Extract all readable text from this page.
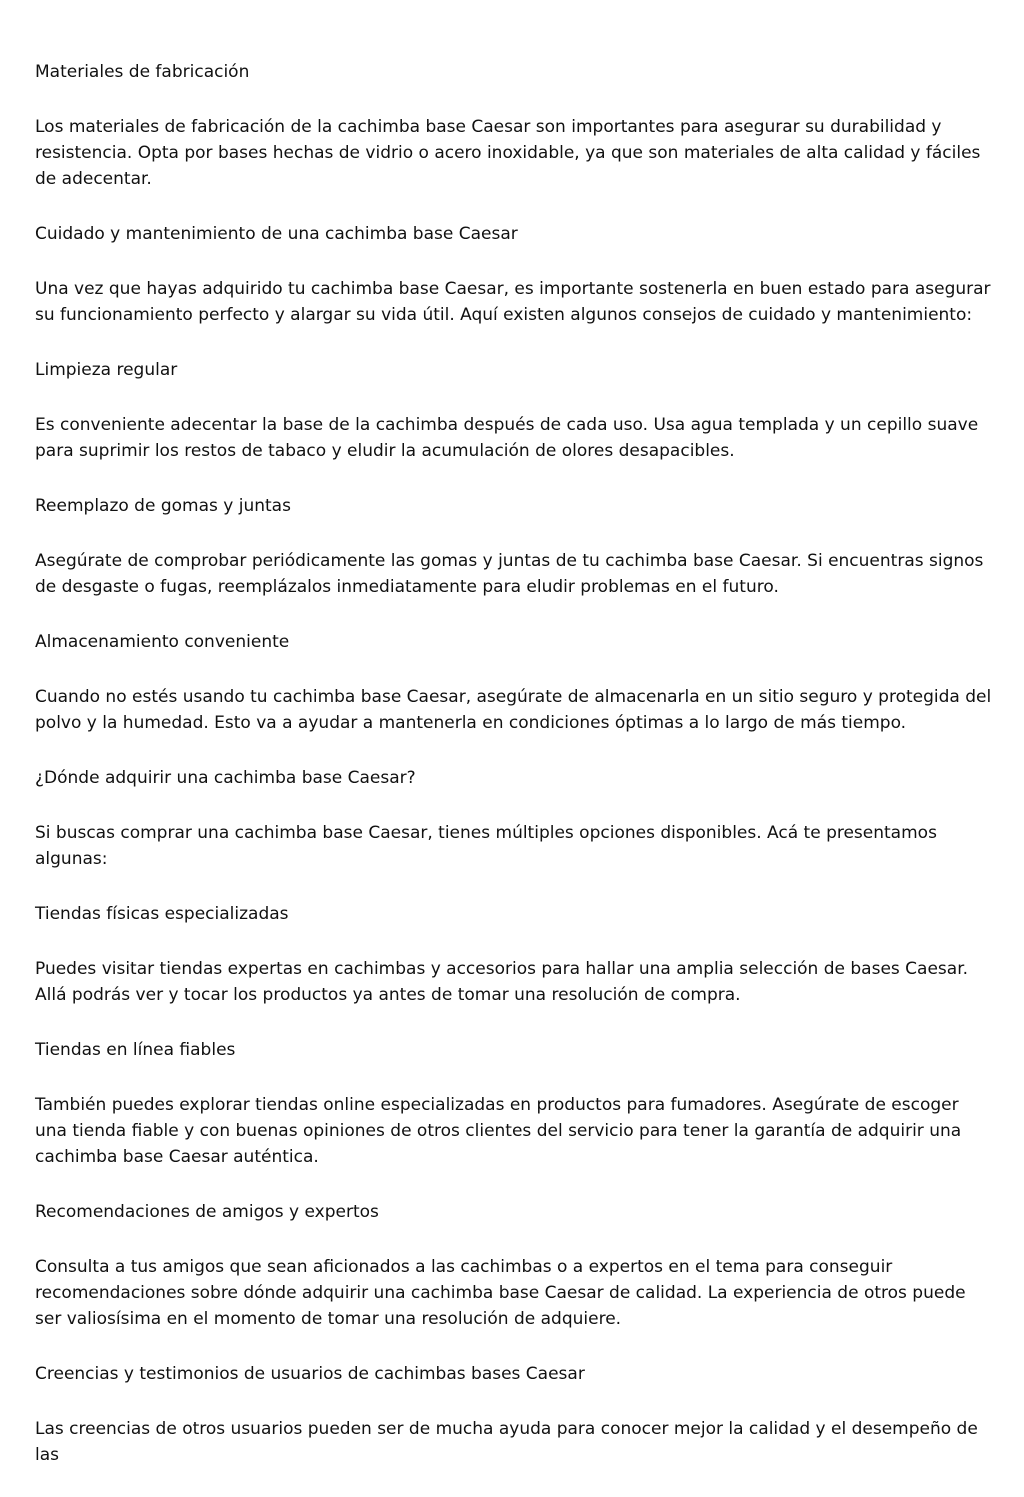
Materiales de fabricación

Los materiales de fabricación de la cachimba base Caesar son importantes para asegurar su durabilidad y resistencia. Opta por bases hechas de vidrio o acero inoxidable, ya que son materiales de alta calidad y fáciles de adecentar.

Cuidado y mantenimiento de una cachimba base Caesar

Una vez que hayas adquirido tu cachimba base Caesar, es importante sostenerla en buen estado para asegurar su funcionamiento perfecto y alargar su vida útil. Aquí existen algunos consejos de cuidado y mantenimiento:

Limpieza regular

Es conveniente adecentar la base de la cachimba después de cada uso. Usa agua templada y un cepillo suave para suprimir los restos de tabaco y eludir la acumulación de olores desapacibles.

Reemplazo de gomas y juntas

Asegúrate de comprobar periódicamente las gomas y juntas de tu cachimba base Caesar. Si encuentras signos de desgaste o fugas, reemplázalos inmediatamente para eludir problemas en el futuro.

Almacenamiento conveniente

Cuando no estés usando tu cachimba base Caesar, asegúrate de almacenarla en un sitio seguro y protegida del polvo y la humedad. Esto va a ayudar a mantenerla en condiciones óptimas a lo largo de más tiempo.

¿Dónde adquirir una cachimba base Caesar?

Si buscas comprar una cachimba base Caesar, tienes múltiples opciones disponibles. Acá te presentamos algunas:

Tiendas físicas especializadas

Puedes visitar tiendas expertas en cachimbas y accesorios para hallar una amplia selección de bases Caesar. Allá podrás ver y tocar los productos ya antes de tomar una resolución de compra.

Tiendas en línea fiables

También puedes explorar tiendas online especializadas en productos para fumadores. Asegúrate de escoger una tienda fiable y con buenas opiniones de otros clientes del servicio para tener la garantía de adquirir una cachimba base Caesar auténtica.

Recomendaciones de amigos y expertos

Consulta a tus amigos que sean aficionados a las cachimbas o a expertos en el tema para conseguir recomendaciones sobre dónde adquirir una cachimba base Caesar de calidad. La experiencia de otros puede ser valiosísima en el momento de tomar una resolución de adquiere.

Creencias y testimonios de usuarios de cachimbas bases Caesar

Las creencias de otros usuarios pueden ser de mucha ayuda para conocer mejor la calidad y el desempeño de las
